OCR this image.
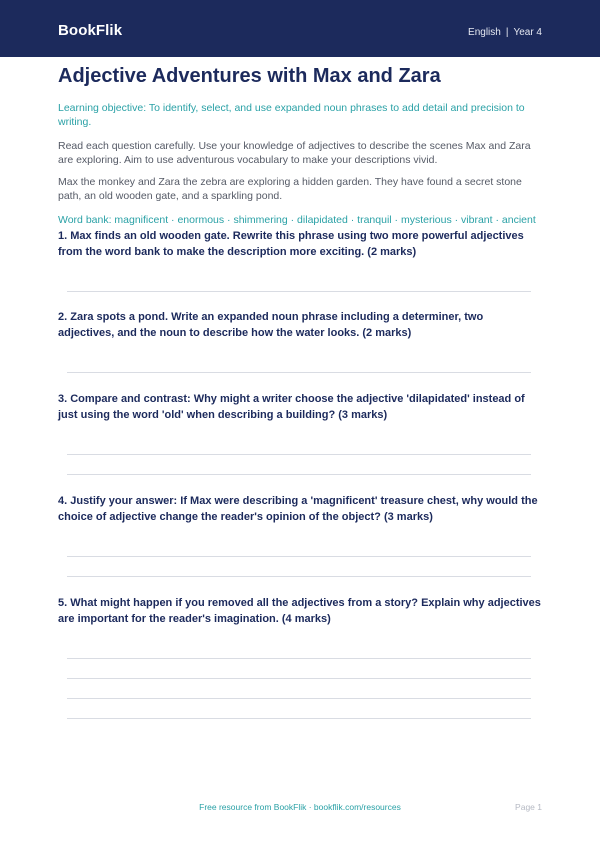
BookFlik	English | Year 4
Adjective Adventures with Max and Zara
Learning objective: To identify, select, and use expanded noun phrases to add detail and precision to writing.
Read each question carefully. Use your knowledge of adjectives to describe the scenes Max and Zara are exploring. Aim to use adventurous vocabulary to make your descriptions vivid.
Max the monkey and Zara the zebra are exploring a hidden garden. They have found a secret stone path, an old wooden gate, and a sparkling pond.
Word bank: magnificent · enormous · shimmering · dilapidated · tranquil · mysterious · vibrant · ancient
1. Max finds an old wooden gate. Rewrite this phrase using two more powerful adjectives from the word bank to make the description more exciting. (2 marks)
2. Zara spots a pond. Write an expanded noun phrase including a determiner, two adjectives, and the noun to describe how the water looks. (2 marks)
3. Compare and contrast: Why might a writer choose the adjective 'dilapidated' instead of just using the word 'old' when describing a building? (3 marks)
4. Justify your answer: If Max were describing a 'magnificent' treasure chest, why would the choice of adjective change the reader's opinion of the object? (3 marks)
5. What might happen if you removed all the adjectives from a story? Explain why adjectives are important for the reader's imagination. (4 marks)
Free resource from BookFlik · bookflik.com/resources	Page 1
